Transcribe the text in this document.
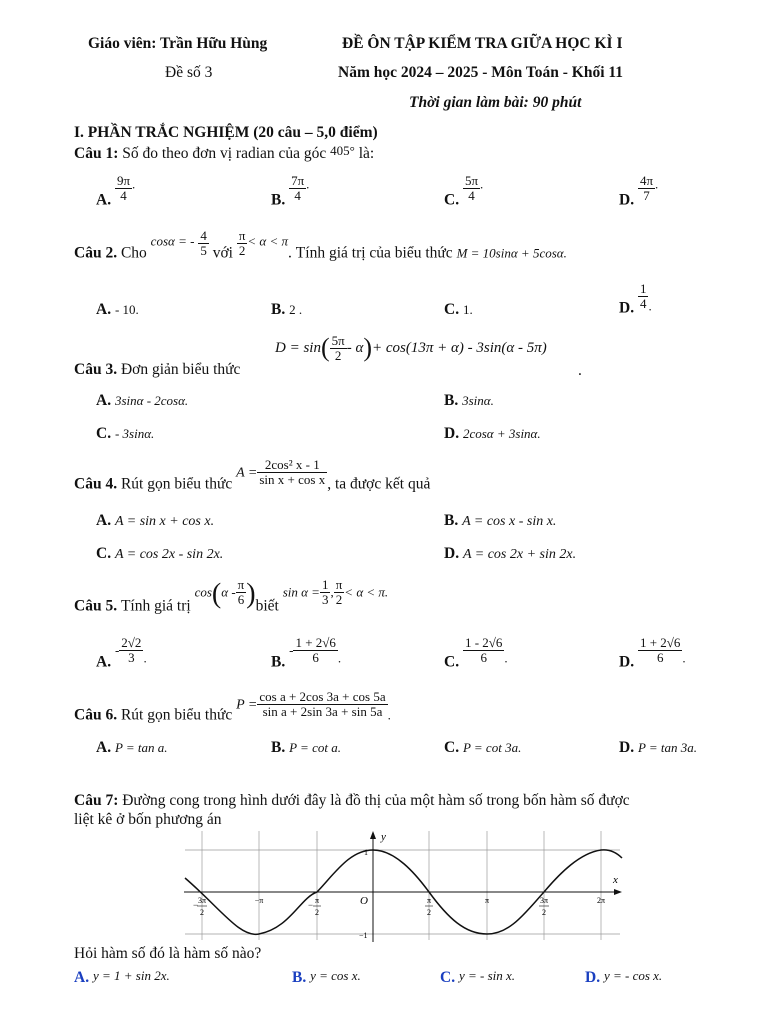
Giáo viên: Trần Hữu Hùng	ĐỀ ÔN TẬP KIỂM TRA GIỮA HỌC KÌ I
Đề số 3	Năm học 2024 – 2025 - Môn Toán - Khối 11
Thời gian làm bài: 90 phút
I. PHẦN TRẮC NGHIỆM (20 câu – 5,0 điểm)
Câu 1: Số đo theo đơn vị radian của góc 405° là:
A. $\frac{9\pi}{4} ^.$
B. $\frac{7\pi}{4} ^.$
C. $\frac{5\pi}{4} ^.$
D. $\frac{4\pi}{7} ^.$
Câu 2. Cho cosα = - $\frac{4}{5}$ với $\frac{\pi}{2} < \alpha < \pi$. Tính giá trị của biểu thức $_{M = 10sin\alpha + 5cos\alpha.}$
A. - 10.	B. 2 .	C. 1.	D. $\frac{1}{4} _.$
Câu 3. Đơn giản biểu thức
$D = \sin( \frac{5\pi}{2} - \alpha)+ \cos(13\pi + \alpha) - 3\sin(\alpha - 5\pi)$
.
A. 3sinα - 2cosα.	B. 3sinα.
C. - 3sinα.	D. 2cosα + 3sinα.
Câu 4. Rút gọn biểu thức $A = \frac{\text{2cos² x - 1}}{\text{sin x + cos x}}$ , ta được kết quả
A. A = sin x + cos x.	B. A = cos x - sin x.
C. A = cos 2x - sin 2x.	D. A = cos 2x + sin 2x.
Câu 5. Tính giá trị $\cos(\alpha - \frac{\pi}{6}$ )biết $\sin \alpha = \frac{1}{3}$ , $\frac{\pi}{2} < \alpha < \pi$.
A. - $\frac{2√2}{3} _.$	B. - $\frac{1 + 2√6}{6} _.$	C. $\frac{1 - 2√6}{6} _.$	D. $\frac{1 + 2√6}{6} _.$
Câu 6. Rút gọn biểu thức $P = \frac{\text{cos a + 2cos 3a + cos 5a}}{\text{sin a + 2sin 3a + sin 5a}} _.$
A. P = tan a.	B. P = cot a.	C. P = cot 3a.	D. P = tan 3a.
Câu 7: Đường cong trong hình dưới đây là đồ thị của một hàm số trong bốn hàm số được
liệt kê ở bốn phương án
y
x
O
1
−1
3π
2
−π	π
2
π
2
π	3π
2
2π
−	−
Hỏi hàm số đó là hàm số nào?
A. y = 1 + sin 2x.	B. y = cos x.	C. y = - sin x.	D. y = - cos x.
